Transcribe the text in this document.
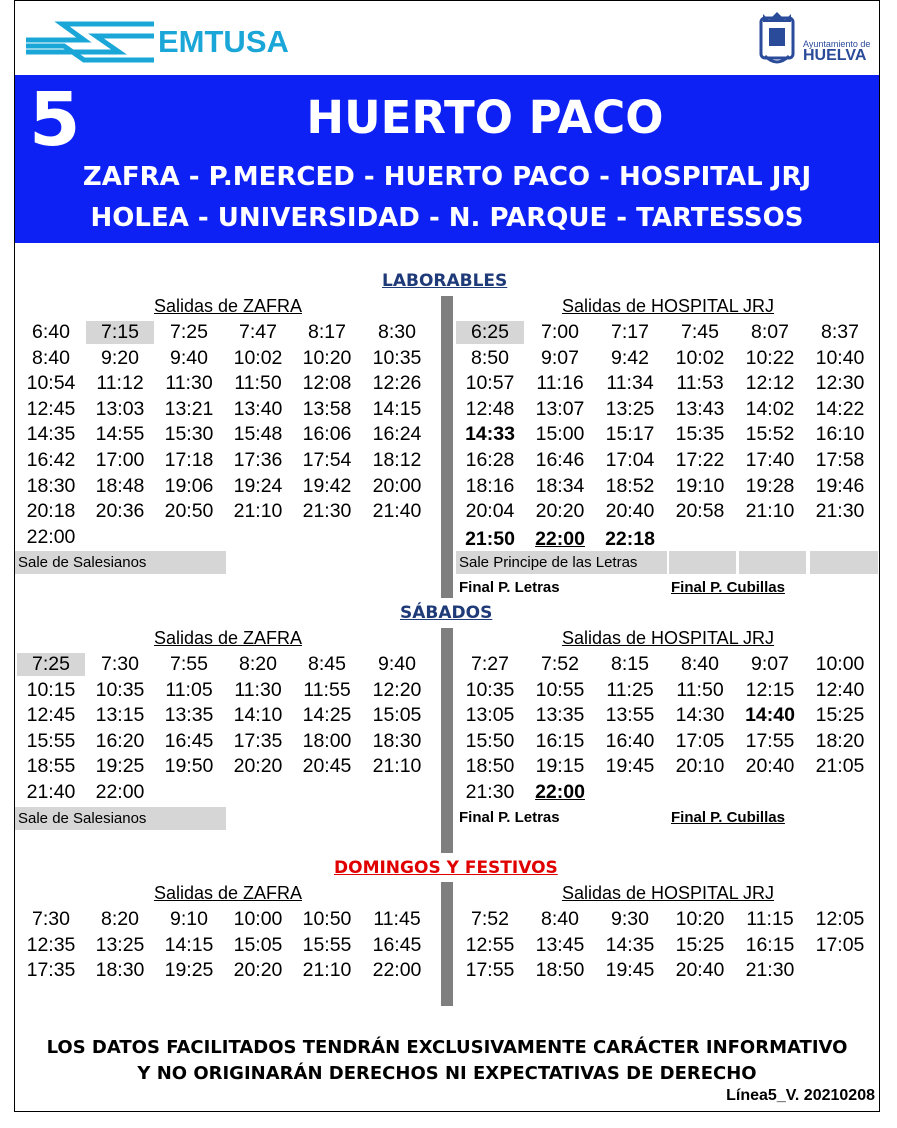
EMTUSA	Ayuntamiento de
HUELVA
5	HUERTO PACO
ZAFRA - P.MERCED - HUERTO PACO - HOSPITAL JRJ
HOLEA - UNIVERSIDAD - N. PARQUE - TARTESSOS
LABORABLES
Salidas de ZAFRA	Salidas de HOSPITAL JRJ
SÁBADOS
Salidas de ZAFRA	Salidas de HOSPITAL JRJ
DOMINGOS Y FESTIVOS
Salidas de ZAFRA	Salidas de HOSPITAL JRJ
6:40	7:15	7:25	7:47	8:17	8:30
8:40	9:20	9:40	10:02	10:20	10:35
10:54	11:12	11:30	11:50	12:08	12:26
12:45	13:03	13:21	13:40	13:58	14:15
14:35	14:55	15:30	15:48	16:06	16:24
16:42	17:00	17:18	17:36	17:54	18:12
18:30	18:48	19:06	19:24	19:42	20:00
20:18	20:36	20:50	21:10	21:30	21:40
22:00
6:25	7:00	7:17	7:45	8:07	8:37
8:50	9:07	9:42	10:02	10:22	10:40
10:57	11:16	11:34	11:53	12:12	12:30
12:48	13:07	13:25	13:43	14:02	14:22
14:33	15:00	15:17	15:35	15:52	16:10
16:28	16:46	17:04	17:22	17:40	17:58
18:16	18:34	18:52	19:10	19:28	19:46
20:04	20:20	20:40	20:58	21:10	21:30
21:50	22:00	22:18
7:25	7:30	7:55	8:20	8:45	9:40
10:15	10:35	11:05	11:30	11:55	12:20
12:45	13:15	13:35	14:10	14:25	15:05
15:55	16:20	16:45	17:35	18:00	18:30
18:55	19:25	19:50	20:20	20:45	21:10
21:40	22:00
7:27	7:52	8:15	8:40	9:07	10:00
10:35	10:55	11:25	11:50	12:15	12:40
13:05	13:35	13:55	14:30	14:40	15:25
15:50	16:15	16:40	17:05	17:55	18:20
18:50	19:15	19:45	20:10	20:40	21:05
21:30	22:00
7:30	8:20	9:10	10:00	10:50	11:45
12:35	13:25	14:15	15:05	15:55	16:45
17:35	18:30	19:25	20:20	21:10	22:00
7:52	8:40	9:30	10:20	11:15	12:05
12:55	13:45	14:35	15:25	16:15	17:05
17:55	18:50	19:45	20:40	21:30
Sale de Salesianos	Sale Principe de las Letras
Final P. Letras	Final P. Cubillas
Sale de Salesianos	Final P. Letras	Final P. Cubillas
LOS DATOS FACILITADOS TENDRÁN EXCLUSIVAMENTE CARÁCTER INFORMATIVO
Y NO ORIGINARÁN DERECHOS NI EXPECTATIVAS DE DERECHO
Línea5_V. 20210208
